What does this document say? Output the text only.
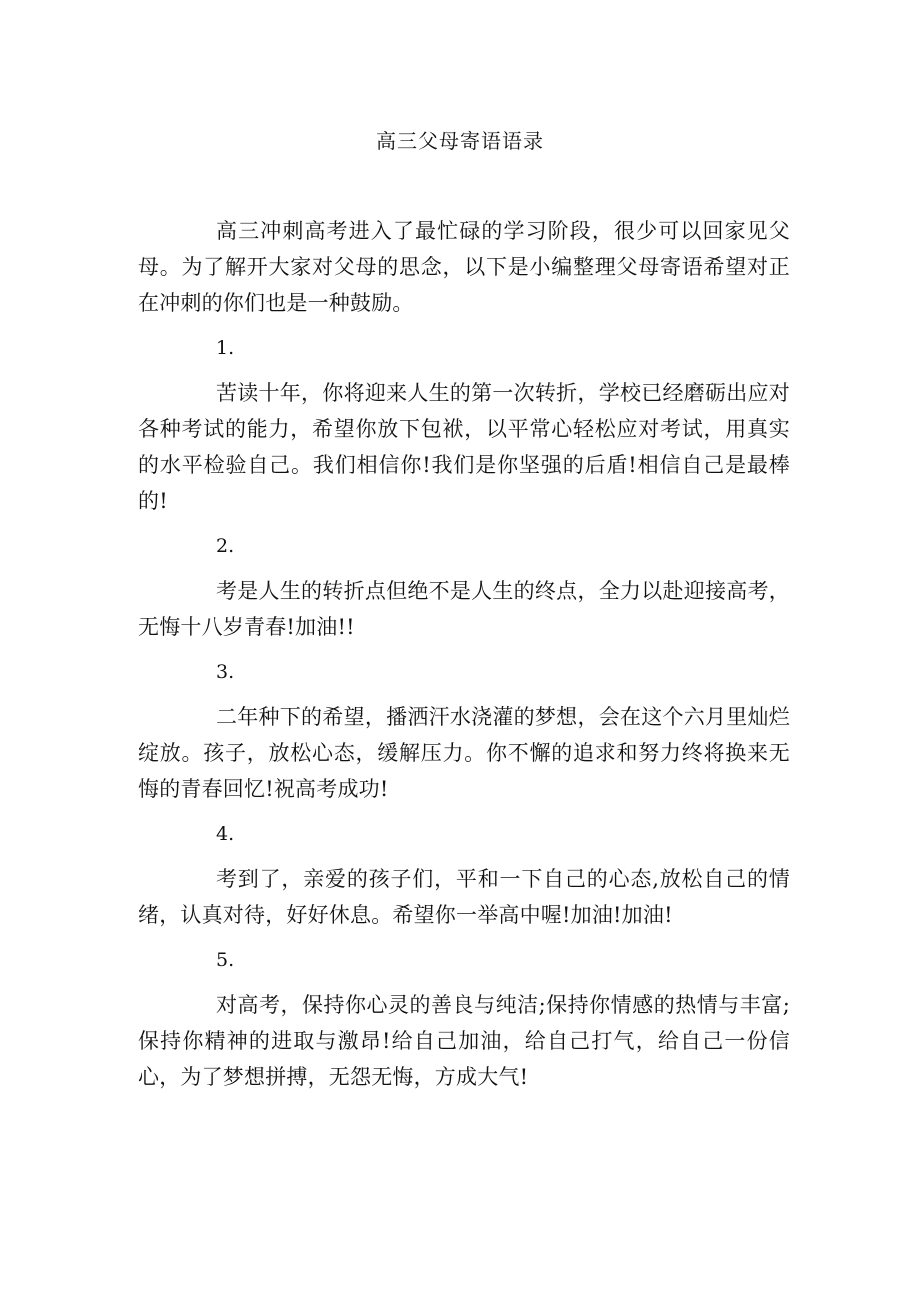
高三父母寄语语录

高三冲刺高考进入了最忙碌的学习阶段，很少可以回家见父母。为了解开大家对父母的思念，以下是小编整理父母寄语希望对正在冲刺的你们也是一种鼓励。

1.

苦读十年，你将迎来人生的第一次转折，学校已经磨砺出应对各种考试的能力，希望你放下包袱，以平常心轻松应对考试，用真实的水平检验自己。我们相信你!我们是你坚强的后盾!相信自己是最棒的!

2.

考是人生的转折点但绝不是人生的终点，全力以赴迎接高考，无悔十八岁青春!加油!!

3.

二年种下的希望，播洒汗水浇灌的梦想，会在这个六月里灿烂绽放。孩子，放松心态，缓解压力。你不懈的追求和努力终将换来无悔的青春回忆!祝高考成功!

4.

考到了，亲爱的孩子们，平和一下自己的心态,放松自己的情绪，认真对待，好好休息。希望你一举高中喔!加油!加油!

5.

对高考，保持你心灵的善良与纯洁;保持你情感的热情与丰富;保持你精神的进取与激昂!给自己加油，给自己打气，给自己一份信心，为了梦想拼搏，无怨无悔，方成大气!
